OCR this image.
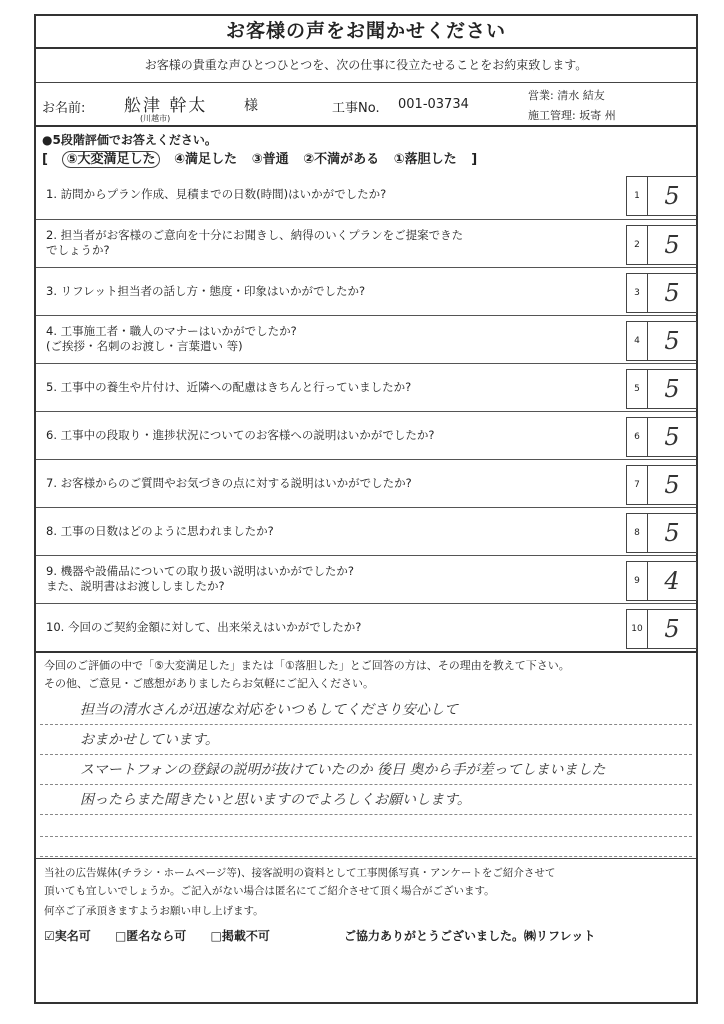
お客様の声をお聞かせください
お客様の貴重な声ひとつひとつを、次の仕事に役立たせることをお約束致します。
お名前: 舩津 幹太
(川越市)
様	工事No. 001-03734
営業: 清水 結友
施工管理: 坂寄 州
●5段階評価でお答えください。
[ ⑤大変満足した ④満足した ③普通 ②不満がある ①落胆した ]
1. 訪問からプラン作成、見積までの日数(時間)はいかがでしたか?	1	5
2. 担当者がお客様のご意向を十分にお聞きし、納得のいくプランをご提案できた
でしょうか?	2	5
3. リフレット担当者の話し方・態度・印象はいかがでしたか?	3	5
4. 工事施工者・職人のマナーはいかがでしたか?
(ご挨拶・名刺のお渡し・言葉遣い 等)	4	5
5. 工事中の養生や片付け、近隣への配慮はきちんと行っていましたか?	5	5
6. 工事中の段取り・進捗状況についてのお客様への説明はいかがでしたか?	6	5
7. お客様からのご質問やお気づきの点に対する説明はいかがでしたか?	7	5
8. 工事の日数はどのように思われましたか?	8	5
9. 機器や設備品についての取り扱い説明はいかがでしたか?
また、説明書はお渡ししましたか?	9	4
10. 今回のご契約金額に対して、出来栄えはいかがでしたか?	10 5
今回のご評価の中で「⑤大変満足した」または「①落胆した」とご回答の方は、その理由を教えて下さい。
その他、ご意見・ご感想がありましたらお気軽にご記入ください。
担当の清水さんが迅速な対応をいつもしてくださり安心して
おまかせしています。
スマートフォンの登録の説明が抜けていたのか 後日 奥から手が差ってしまいました
困ったらまた聞きたいと思いますのでよろしくお願いします。
当社の広告媒体(チラシ・ホームページ等)、接客説明の資料として工事関係写真・アンケートをご紹介させて
頂いても宜しいでしょうか。ご記入がない場合は匿名にてご紹介させて頂く場合がございます。
何卒ご了承頂きますようお願い申し上げます。
☑実名可 □匿名なら可 □掲載不可	ご協力ありがとうございました。㈱リフレット
